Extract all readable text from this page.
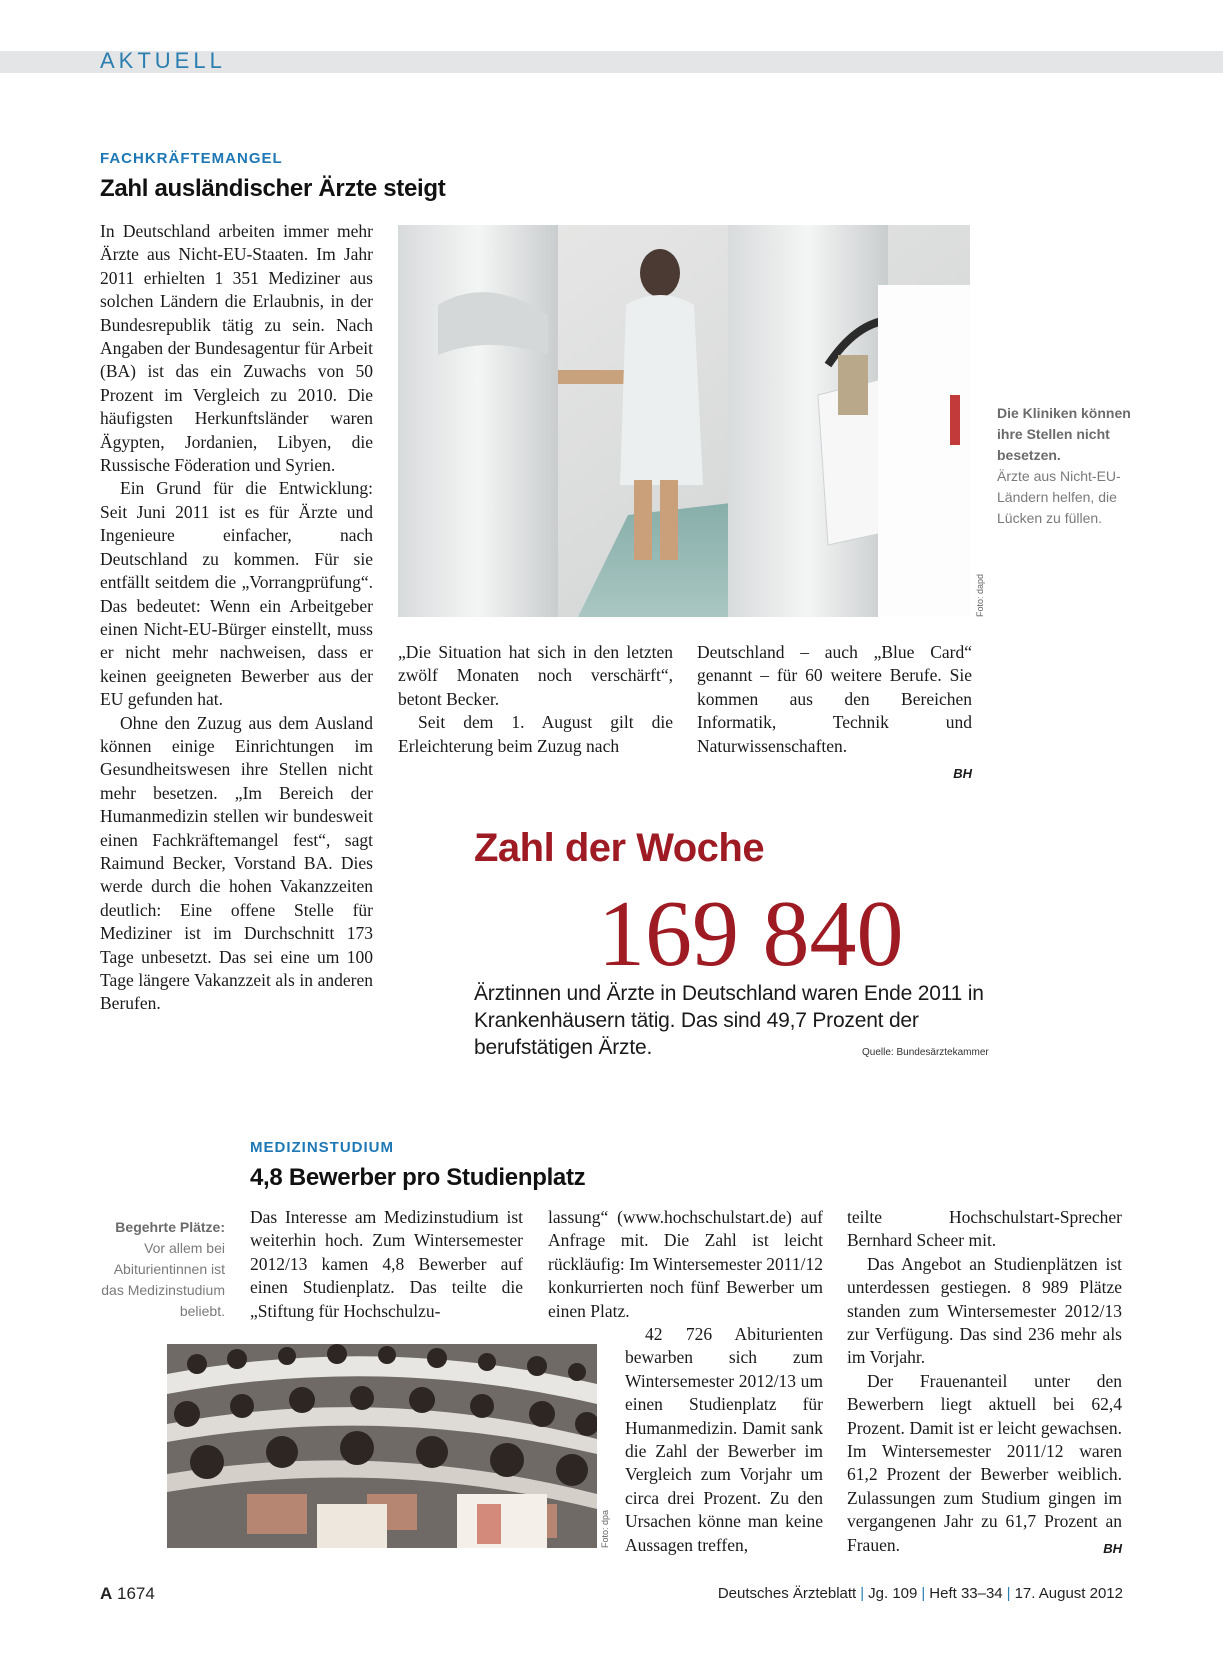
AKTUELL
FACHKRÄFTEMANGEL
Zahl ausländischer Ärzte steigt

In Deutschland arbeiten immer mehr Ärzte aus Nicht-EU-Staaten. Im Jahr 2011 erhielten 1 351 Mediziner aus solchen Ländern die Erlaubnis, in der Bundesrepublik tätig zu sein. Nach Angaben der Bundesagentur für Arbeit (BA) ist das ein Zuwachs von 50 Prozent im Vergleich zu 2010. Die häufigsten Herkunftsländer waren Ägypten, Jordanien, Libyen, die Russische Föderation und Syrien.

Ein Grund für die Entwicklung: Seit Juni 2011 ist es für Ärzte und Ingenieure einfacher, nach Deutschland zu kommen. Für sie entfällt seitdem die „Vorrangprüfung“. Das bedeutet: Wenn ein Arbeitgeber einen Nicht-EU-Bürger einstellt, muss er nicht mehr nachweisen, dass er keinen geeigneten Bewerber aus der EU gefunden hat.

Ohne den Zuzug aus dem Ausland können einige Einrichtungen im Gesundheitswesen ihre Stellen nicht mehr besetzen. „Im Bereich der Humanmedizin stellen wir bundesweit einen Fachkräftemangel fest“, sagt Raimund Becker, Vorstand BA. Dies werde durch die hohen Vakanzzeiten deutlich: Eine offene Stelle für Mediziner ist im Durchschnitt 173 Tage unbesetzt. Das sei eine um 100 Tage längere Vakanzzeit als in anderen Berufen.

Foto: dapd
Die Kliniken können ihre Stellen nicht besetzen.
Ärzte aus Nicht-EU-Ländern helfen, die Lücken zu füllen.

„Die Situation hat sich in den letzten zwölf Monaten noch verschärft“, betont Becker.

Seit dem 1. August gilt die Erleichterung beim Zuzug nach

Deutschland – auch „Blue Card“ genannt – für 60 weitere Berufe. Sie kommen aus den Bereichen Informatik, Technik und Naturwissenschaften.

BH
Zahl der Woche
169 840
Ärztinnen und Ärzte in Deutschland waren Ende 2011 in Krankenhäusern tätig. Das sind 49,7 Prozent der berufstätigen Ärzte.	Quelle: Bundesärztekammer
MEDIZINSTUDIUM
4,8 Bewerber pro Studienplatz
Begehrte Plätze:
Vor allem bei Abiturientinnen ist das Medizinstudium beliebt.

Das Interesse am Medizinstudium ist weiterhin hoch. Zum Wintersemester 2012/13 kamen 4,8 Bewerber auf einen Studienplatz. Das teilte die „Stiftung für Hochschulzu-

lassung“ (www.hochschulstart.de) auf Anfrage mit. Die Zahl ist leicht rückläufig: Im Wintersemester 2011/12 konkurrierten noch fünf Bewerber um einen Platz.

42 726 Abiturienten bewarben sich zum Wintersemester 2012/13 um einen Studienplatz für Humanmedizin. Damit sank die Zahl der Bewerber im Vergleich zum Vorjahr um circa drei Prozent. Zu den Ursachen könne man keine Aussagen treffen,

Foto: dpa

teilte Hochschulstart-Sprecher Bernhard Scheer mit.

Das Angebot an Studienplätzen ist unterdessen gestiegen. 8 989 Plätze standen zum Wintersemester 2012/13 zur Verfügung. Das sind 236 mehr als im Vorjahr.

Der Frauenanteil unter den Bewerbern liegt aktuell bei 62,4 Prozent. Damit ist er leicht gewachsen. Im Wintersemester 2011/12 waren 61,2 Prozent der Bewerber weiblich. Zulassungen zum Studium gingen im vergangenen Jahr zu 61,7 Prozent an Frauen.	BH
A 1674	Deutsches Ärzteblatt | Jg. 109 | Heft 33–34 | 17. August 2012
